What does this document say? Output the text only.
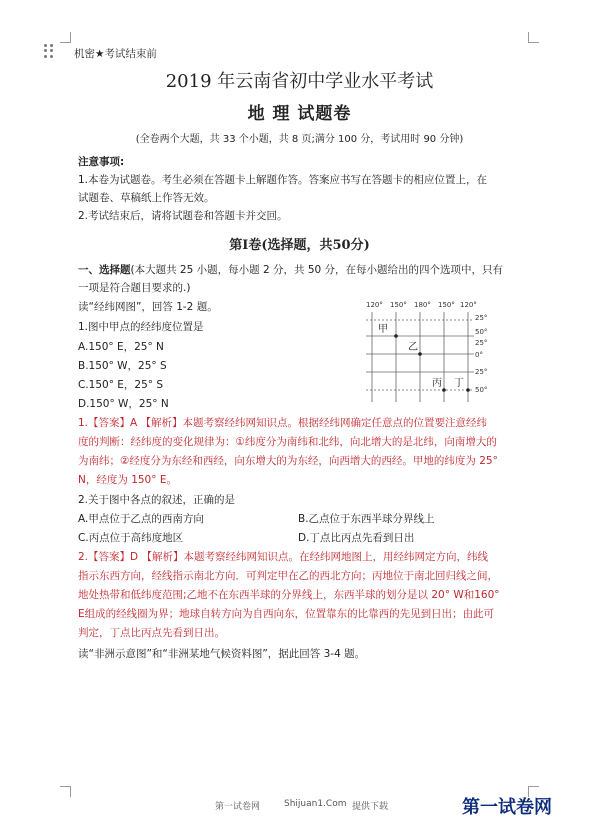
机密★考试结束前
2019 年云南省初中学业水平考试
地 理 试题卷
(全卷两个大题，共 33 个小题，共 8 页;满分 100 分，考试用时 90 分钟)
注意事项:
1.本卷为试题卷。考生必须在答题卡上解题作答。答案应书写在答题卡的相应位置上，在
试题卷、草稿纸上作答无效。
2.考试结束后，请将试题卷和答题卡并交回。
第Ⅰ卷(选择题，共50分)
一、选择题(本大题共 25 小题，每小题 2 分，共 50 分，在每小题给出的四个选项中，只有
一项是符合题目要求的.)
读“经纬网图”，回答 1-2 题。
1.图中甲点的经纬度位置是
A.150° E，25° N
B.150° W，25° S
C.150° E，25° S
D.150° W，25° N
120° 150° 180° 150° 120°
25°
50°
25°
0°
25°
50°
甲
乙
丙 丁
1.【答案】A 【解析】本题考察经纬网知识点。根据经纬网确定任意点的位置要注意经纬
度的判断：经纬度的变化规律为：①纬度分为南纬和北纬，向北增大的是北纬，向南增大的
为南纬；②经度分为东经和西经，向东增大的为东经，向西增大的西经。甲地的纬度为 25°
N，经度为 150° E。
2.关于图中各点的叙述，正确的是
A.甲点位于乙点的西南方向	B.乙点位于东西半球分界线上
C.丙点位于高纬度地区	D.丁点比丙点先看到日出
2.【答案】D 【解析】本题考察经纬网知识点。在经纬网地图上，用经纬网定方向，纬线
指示东西方向，经线指示南北方向．可判定甲在乙的西北方向；丙地位于南北回归线之间，
地处热带和低纬度范围;乙地不在东西半球的分界线上，东西半球的划分是以 20° W和160°
E组成的经线圈为界；地球自转方向为自西向东，位置靠东的比靠西的先见到日出；由此可
判定，丁点比丙点先看到日出。
读“非洲示意图”和“非洲某地气候资料图”，据此回答 3-4 题。
第一试卷网	Shijuan1.Com 提供下载	第一试卷网
